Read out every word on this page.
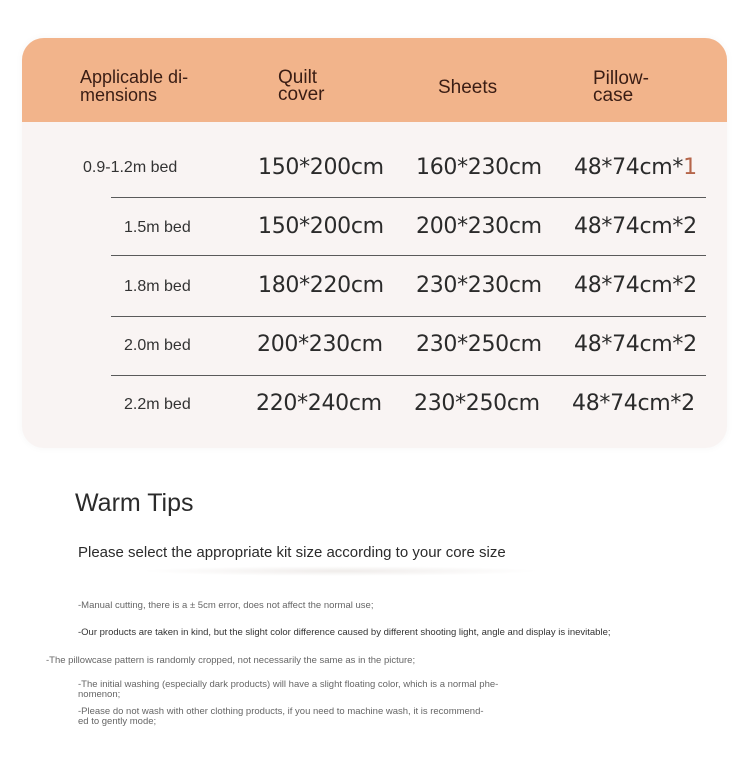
Applicable di-
mensions
Quilt
cover	Sheets	Pillow-
case
0.9-1.2m bed	150*200cm 160*230cm 48*74cm*1
1.5m bed	150*200cm 200*230cm 48*74cm*2
1.8m bed	180*220cm 230*230cm 48*74cm*2
2.0m bed	200*230cm 230*250cm 48*74cm*2
2.2m bed	220*240cm 230*250cm 48*74cm*2
Warm Tips
Please select the appropriate kit size according to your core size
-Manual cutting, there is a ± 5cm error, does not affect the normal use;
-Our products are taken in kind, but the slight color difference caused by different shooting light, angle and display is inevitable;
-The pillowcase pattern is randomly cropped, not necessarily the same as in the picture;
-The initial washing (especially dark products) will have a slight floating color, which is a normal phe-
nomenon;
-Please do not wash with other clothing products, if you need to machine wash, it is recommend-
ed to gently mode;
